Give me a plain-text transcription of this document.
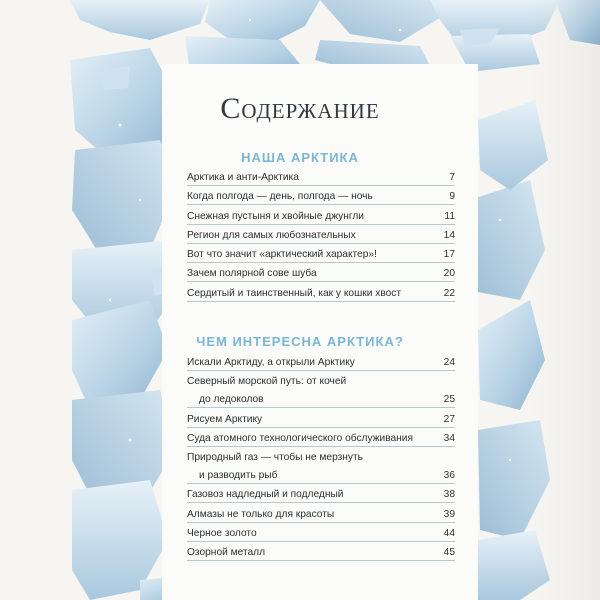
Содержание
НАША АРКТИКА
Арктика и анти-Арктика	7
Когда полгода — день, полгода — ночь	9
Снежная пустыня и хвойные джунгли	11
Регион для самых любознательных	14
Вот что значит «арктический характер»!	17
Зачем полярной сове шуба	20
Сердитый и таинственный, как у кошки хвост	22
ЧЕМ ИНТЕРЕСНА АРКТИКА?
Искали Арктиду, а открыли Арктику	24
Северный морской путь: от кочей
до ледоколов	25
Рисуем Арктику	27
Суда атомного технологического обслуживания	34
Природный газ — чтобы не мерзнуть
и разводить рыб	36
Газовоз надледный и подледный	38
Алмазы не только для красоты	39
Черное золото	44
Озорной металл	45
